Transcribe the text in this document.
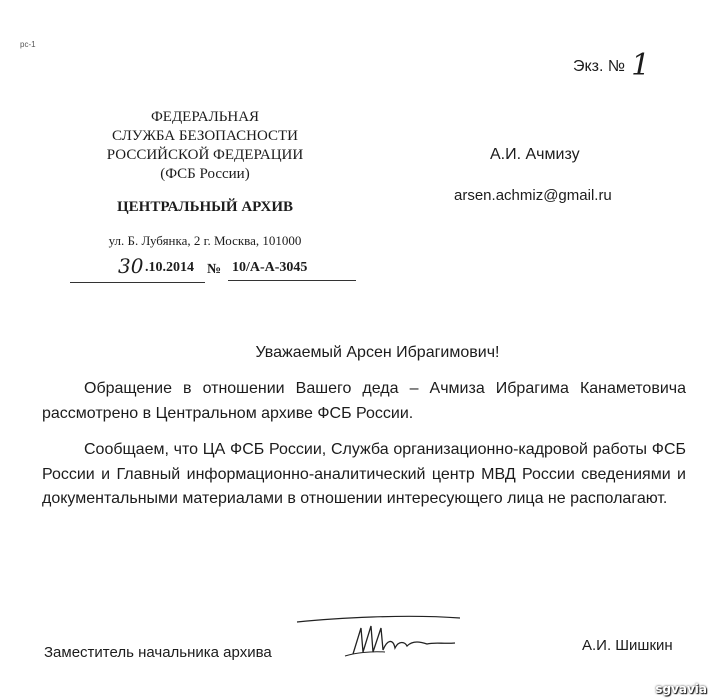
рс-1
Экз. № 1
ФЕДЕРАЛЬНАЯ
СЛУЖБА БЕЗОПАСНОСТИ
РОССИЙСКОЙ ФЕДЕРАЦИИ
(ФСБ России)
ЦЕНТРАЛЬНЫЙ АРХИВ
ул. Б. Лубянка, 2 г. Москва, 101000
30 .10.2014 № 10/А-А-3045
А.И. Ачмизу
arsen.achmiz@gmail.ru
Уважаемый Арсен Ибрагимович!

Обращение в отношении Вашего деда – Ачмиза Ибрагима Канаметовича рассмотрено в Центральном архиве ФСБ России.

Сообщаем, что ЦА ФСБ России, Служба организационно-кадровой работы ФСБ России и Главный информационно-аналитический центр МВД России сведениями и документальными материалами в отношении интересующего лица не располагают.

Заместитель начальника архива	А.И. Шишкин
sgvavia
